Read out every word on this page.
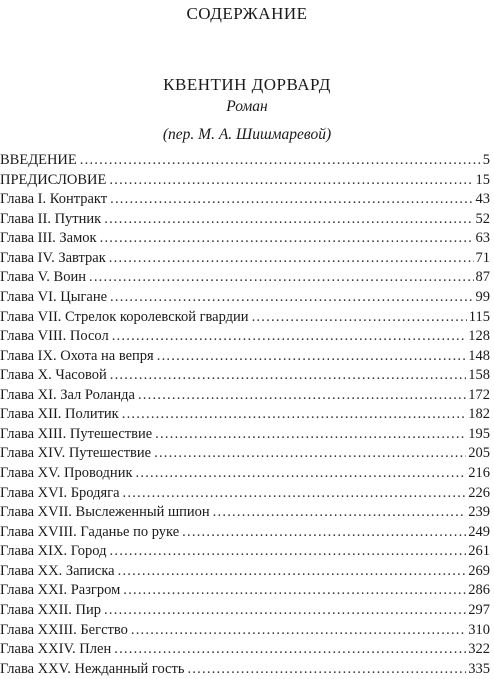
СОДЕРЖАНИЕ
КВЕНТИН ДОРВАРД
Роман
(пер. М. А. Шишмаревой)
ВВЕДЕНИЕ . . .	5
ПРЕДИСЛОВИЕ . . .	15
Глава I. Контракт . . .	43
Глава II. Путник . . .	52
Глава III. Замок . . .	63
Глава IV. Завтрак . . .	71
Глава V. Воин . . .	87
Глава VI. Цыгане . . .	99
Глава VII. Стрелок королевской гвардии . . .	115
Глава VIII. Посол . . .	128
Глава IX. Охота на вепря . . .	148
Глава X. Часовой . . .	158
Глава XI. Зал Роланда . . .	172
Глава XII. Политик . . .	182
Глава XIII. Путешествие . . .	195
Глава XIV. Путешествие . . .	205
Глава XV. Проводник . . .	216
Глава XVI. Бродяга . . .	226
Глава XVII. Выслеженный шпион . . .	239
Глава XVIII. Гаданье по руке . . .	249
Глава XIX. Город . . .	261
Глава XX. Записка . . .	269
Глава XXI. Разгром . . .	286
Глава XXII. Пир . . .	297
Глава XXIII. Бегство . . .	310
Глава XXIV. Плен . . .	322
Глава XXV. Нежданный гость . . .	335
